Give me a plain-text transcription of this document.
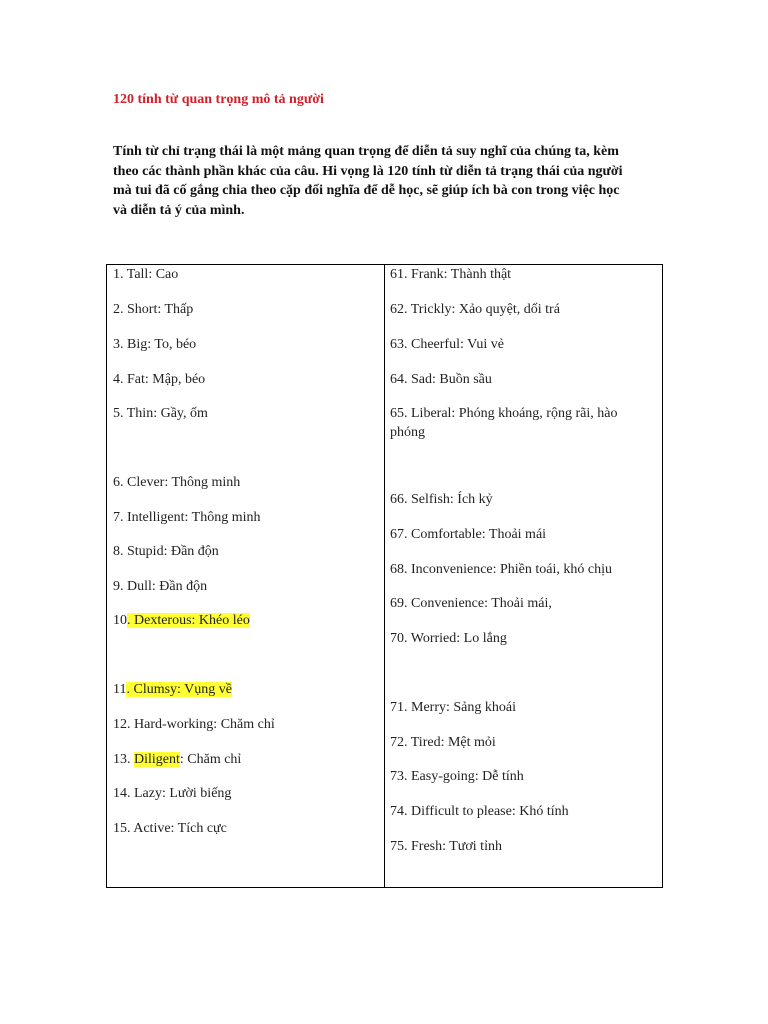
120 tính từ quan trọng mô tả người
Tính từ chỉ trạng thái là một mảng quan trọng để diễn tả suy nghĩ của chúng ta, kèm
theo các thành phần khác của câu. Hi vọng là 120 tính từ diễn tả trạng thái của người
mà tui đã cố gắng chia theo cặp đối nghĩa để dễ học, sẽ giúp ích bà con trong việc học
và diễn tả ý của mình.
1. Tall: Cao
2. Short: Thấp
3. Big: To, béo
4. Fat: Mập, béo
5. Thin: Gầy, ốm
6. Clever: Thông minh
7. Intelligent: Thông minh
8. Stupid: Đần độn
9. Dull: Đần độn
10. Dexterous: Khéo léo
11. Clumsy: Vụng về
12. Hard-working: Chăm chỉ
13. Diligent: Chăm chỉ
14. Lazy: Lười biếng
15. Active: Tích cực
61. Frank: Thành thật
62. Trickly: Xảo quyệt, dối trá
63. Cheerful: Vui vẻ
64. Sad: Buồn sầu
65. Liberal: Phóng khoáng, rộng rãi, hào phóng
66. Selfish: Ích kỷ
67. Comfortable: Thoải mái
68. Inconvenience: Phiền toái, khó chịu
69. Convenience: Thoải mái,
70. Worried: Lo lắng
71. Merry: Sảng khoái
72. Tired: Mệt mỏi
73. Easy-going: Dễ tính
74. Difficult to please: Khó tính
75. Fresh: Tươi tỉnh
